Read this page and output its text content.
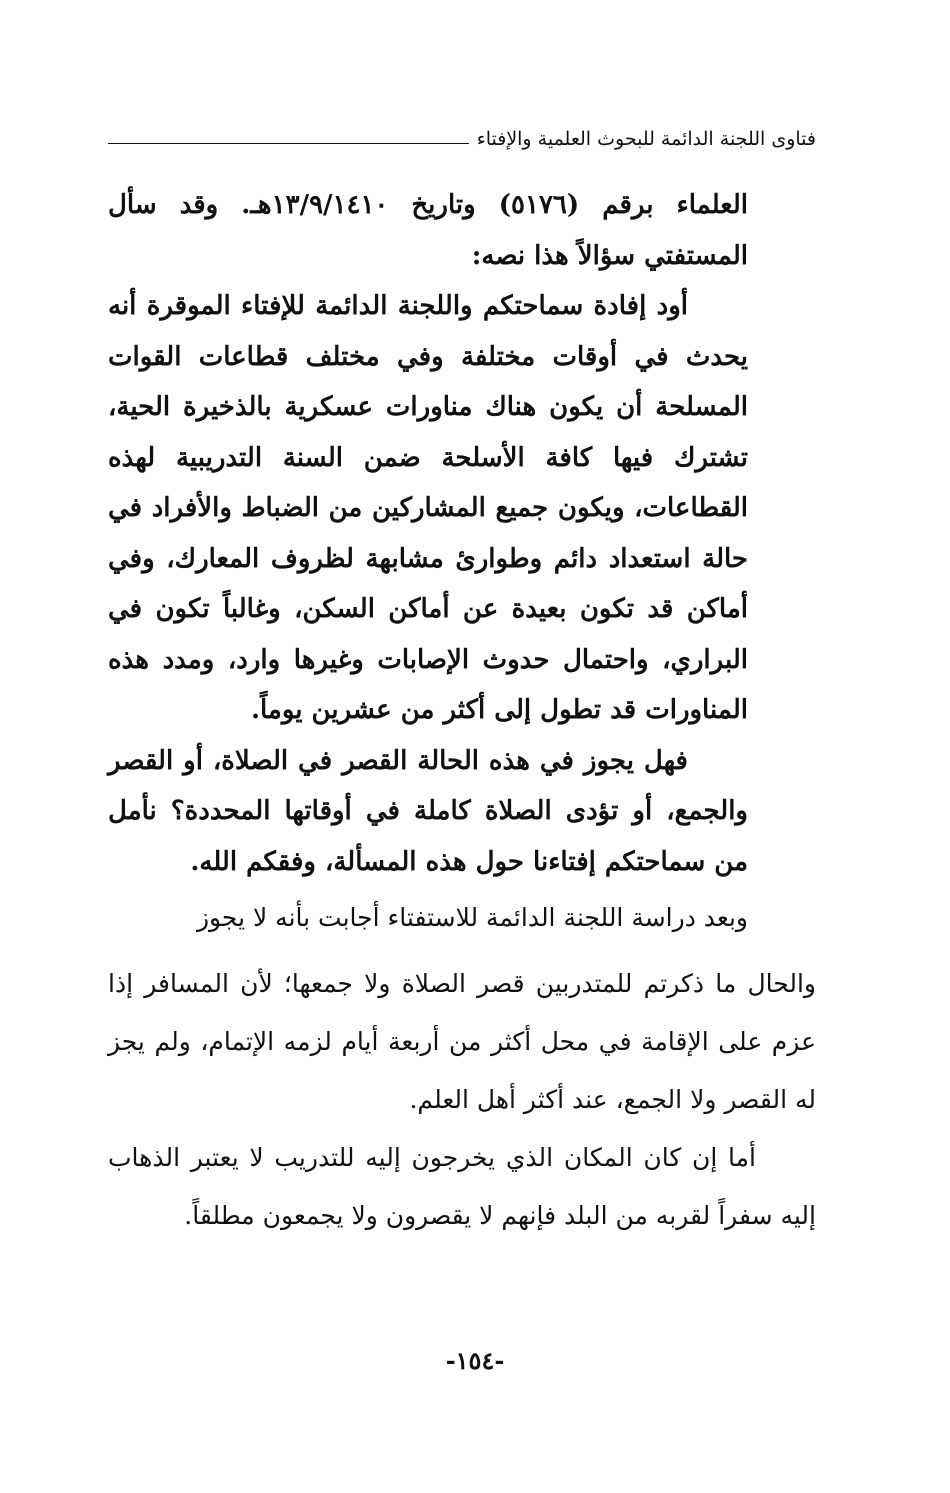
فتاوى اللجنة الدائمة للبحوث العلمية والإفتاء

العلماء برقم (٥١٧٦) وتاريخ ١٣/٩/١٤١٠هـ. وقد سأل المستفتي سؤالاً هذا نصه:

أود إفادة سماحتكم واللجنة الدائمة للإفتاء الموقرة أنه يحدث في أوقات مختلفة وفي مختلف قطاعات القوات المسلحة أن يكون هناك مناورات عسكرية بالذخيرة الحية، تشترك فيها كافة الأسلحة ضمن السنة التدريبية لهذه القطاعات، ويكون جميع المشاركين من الضباط والأفراد في حالة استعداد دائم وطوارئ مشابهة لظروف المعارك، وفي أماكن قد تكون بعيدة عن أماكن السكن، وغالباً تكون في البراري، واحتمال حدوث الإصابات وغيرها وارد، ومدد هذه المناورات قد تطول إلى أكثر من عشرين يوماً.

فهل يجوز في هذه الحالة القصر في الصلاة، أو القصر والجمع، أو تؤدى الصلاة كاملة في أوقاتها المحددة؟ نأمل من سماحتكم إفتاءنا حول هذه المسألة، وفقكم الله.

وبعد دراسة اللجنة الدائمة للاستفتاء أجابت بأنه لا يجوز

والحال ما ذكرتم للمتدربين قصر الصلاة ولا جمعها؛ لأن المسافر إذا عزم على الإقامة في محل أكثر من أربعة أيام لزمه الإتمام، ولم يجز له القصر ولا الجمع، عند أكثر أهل العلم.

أما إن كان المكان الذي يخرجون إليه للتدريب لا يعتبر الذهاب إليه سفراً لقربه من البلد فإنهم لا يقصرون ولا يجمعون مطلقاً.

-١٥٤-
